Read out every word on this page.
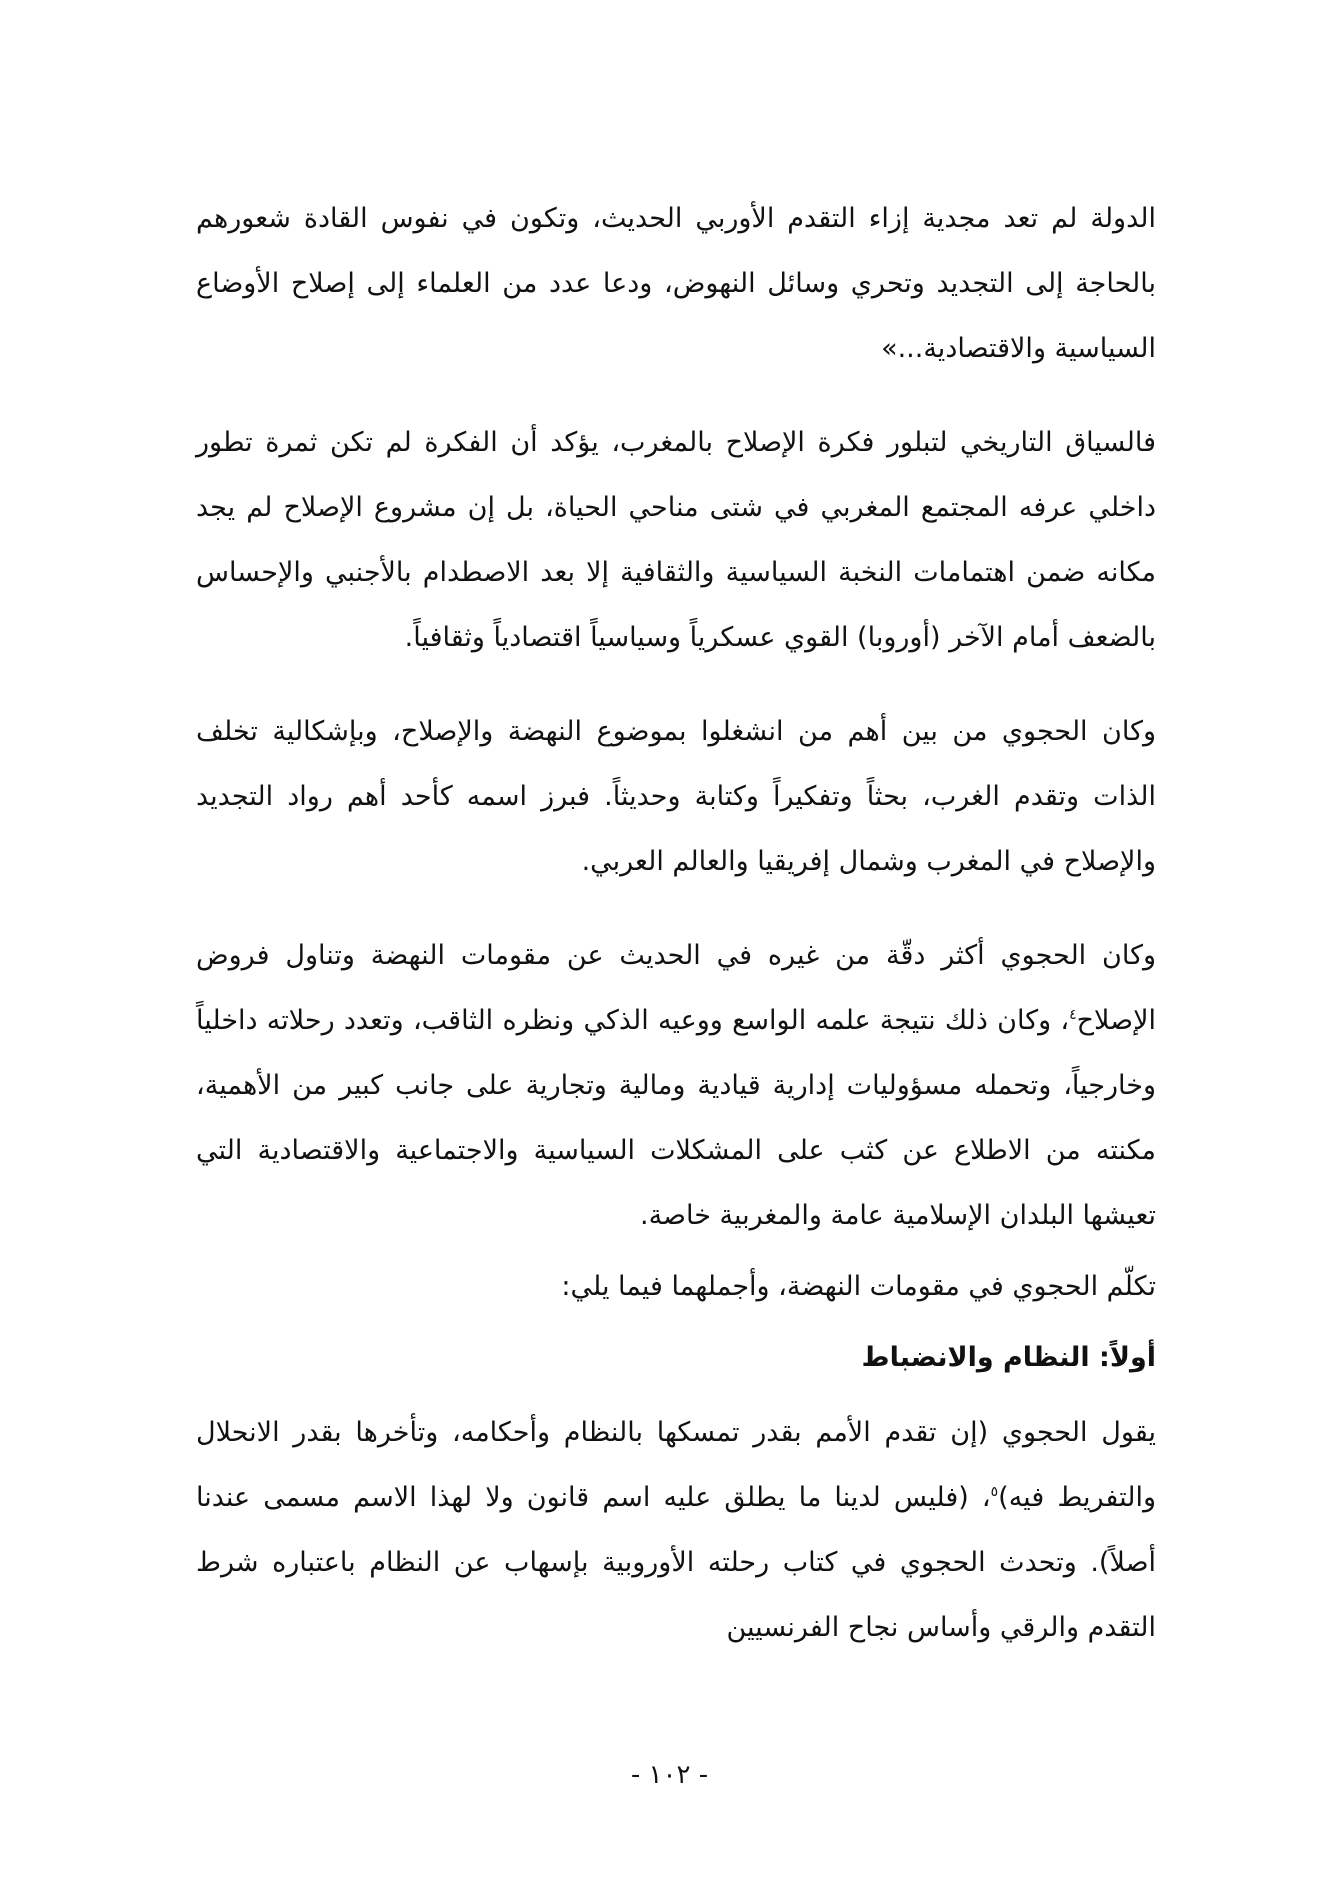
الدولة لم تعد مجدية إزاء التقدم الأوربي الحديث، وتكون في نفوس القادة شعورهم بالحاجة إلى التجديد وتحري وسائل النهوض، ودعا عدد من العلماء إلى إصلاح الأوضاع السياسية والاقتصادية...»

فالسياق التاريخي لتبلور فكرة الإصلاح بالمغرب، يؤكد أن الفكرة لم تكن ثمرة تطور داخلي عرفه المجتمع المغربي في شتى مناحي الحياة، بل إن مشروع الإصلاح لم يجد مكانه ضمن اهتمامات النخبة السياسية والثقافية إلا بعد الاصطدام بالأجنبي والإحساس بالضعف أمام الآخر (أوروبا) القوي عسكرياً وسياسياً اقتصادياً وثقافياً.

وكان الحجوي من بين أهم من انشغلوا بموضوع النهضة والإصلاح، وبإشكالية تخلف الذات وتقدم الغرب، بحثاً وتفكيراً وكتابة وحديثاً. فبرز اسمه كأحد أهم رواد التجديد والإصلاح في المغرب وشمال إفريقيا والعالم العربي.

وكان الحجوي أكثر دقّة من غيره في الحديث عن مقومات النهضة وتناول فروض الإصلاح$^٤$، وكان ذلك نتيجة علمه الواسع ووعيه الذكي ونظره الثاقب، وتعدد رحلاته داخلياً وخارجياً، وتحمله مسؤوليات إدارية قيادية ومالية وتجارية على جانب كبير من الأهمية، مكنته من الاطلاع عن كثب على المشكلات السياسية والاجتماعية والاقتصادية التي تعيشها البلدان الإسلامية عامة والمغربية خاصة.

تكلّم الحجوي في مقومات النهضة، وأجملهما فيما يلي:

أولاً: النظام والانضباط

يقول الحجوي (إن تقدم الأمم بقدر تمسكها بالنظام وأحكامه، وتأخرها بقدر الانحلال والتفريط فيه)$^٥$، (فليس لدينا ما يطلق عليه اسم قانون ولا لهذا الاسم مسمى عندنا أصلاً). وتحدث الحجوي في كتاب رحلته الأوروبية بإسهاب عن النظام باعتباره شرط التقدم والرقي وأساس نجاح الفرنسيين

- ١٠٢ -
